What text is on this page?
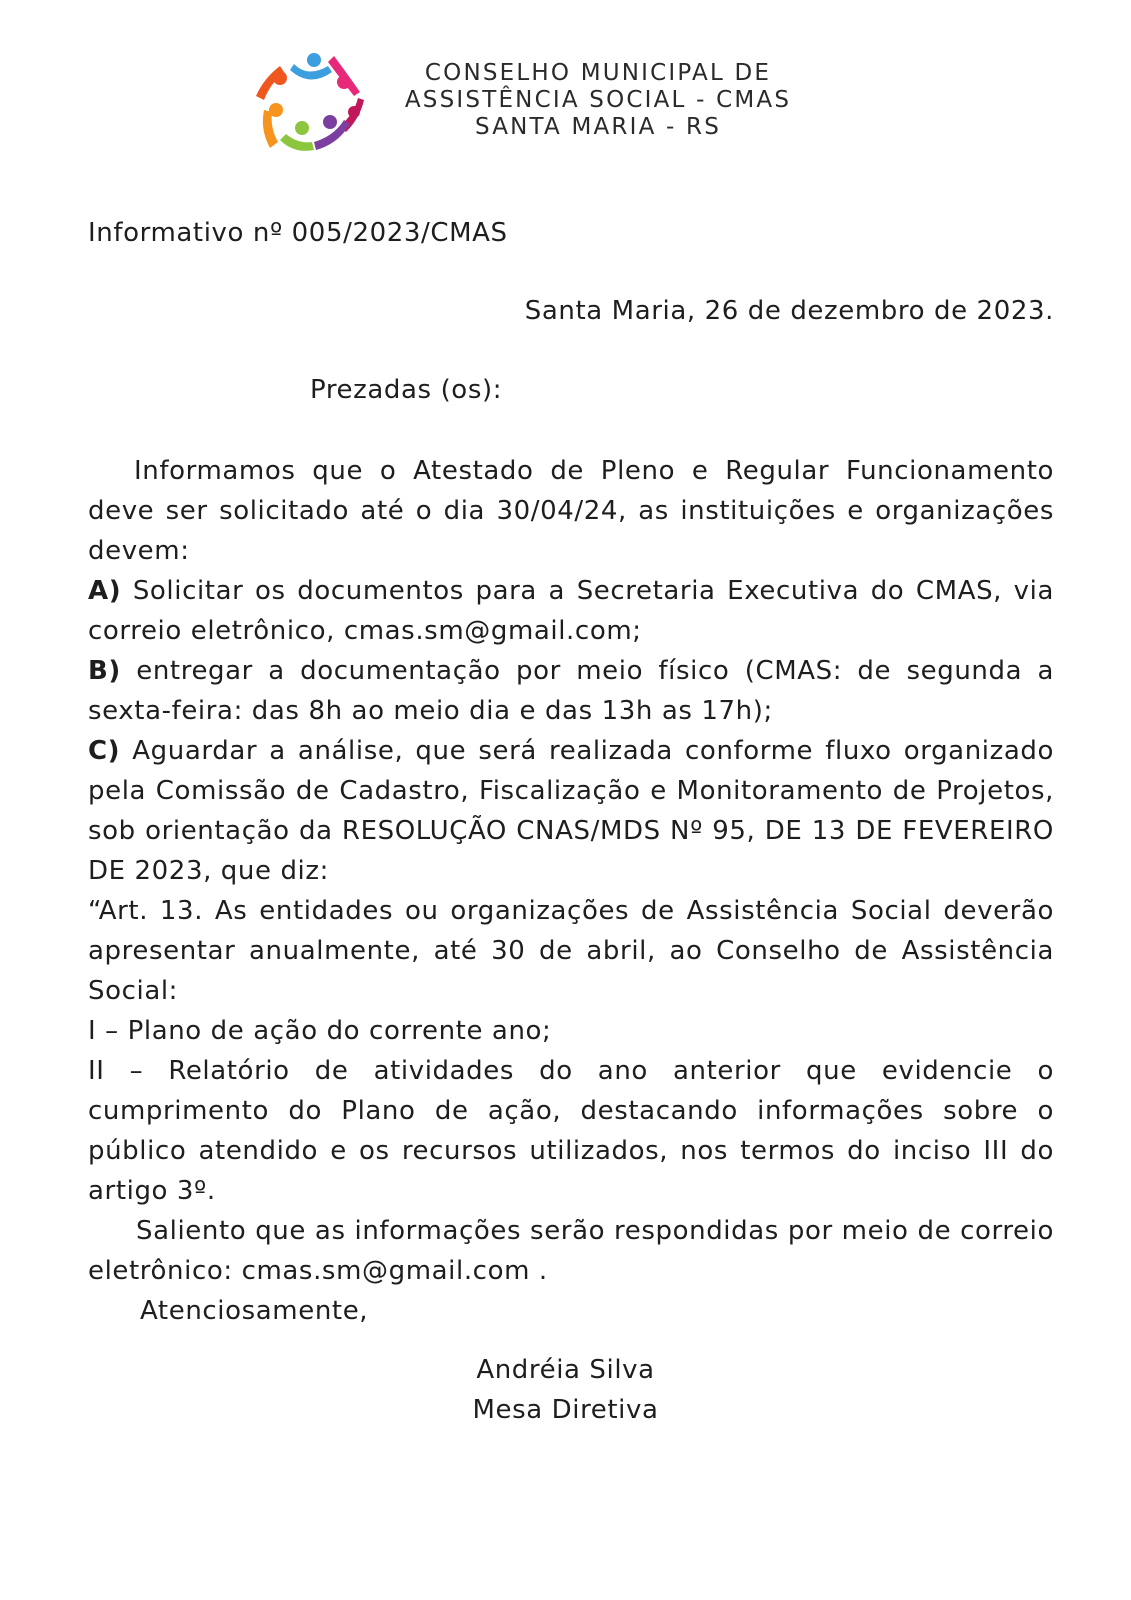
CONSELHO MUNICIPAL DE
ASSISTÊNCIA SOCIAL - CMAS
SANTA MARIA - RS
Informativo nº 005/2023/CMAS
Santa Maria, 26 de dezembro de 2023.
Prezadas (os):

Informamos que o Atestado de Pleno e Regular Funcionamento deve ser solicitado até o dia 30/04/24, as instituições e organizações devem:

A) Solicitar os documentos para a Secretaria Executiva do CMAS, via correio eletrônico, cmas.sm@gmail.com;

B) entregar a documentação por meio físico (CMAS: de segunda a sexta-feira: das 8h ao meio dia e das 13h as 17h);

C) Aguardar a análise, que será realizada conforme fluxo organizado pela Comissão de Cadastro, Fiscalização e Monitoramento de Projetos, sob orientação da RESOLUÇÃO CNAS/MDS Nº 95, DE 13 DE FEVEREIRO DE 2023, que diz:

“Art. 13. As entidades ou organizações de Assistência Social deverão apresentar anualmente, até 30 de abril, ao Conselho de Assistência Social:

I – Plano de ação do corrente ano;

II – Relatório de atividades do ano anterior que evidencie o cumprimento do Plano de ação, destacando informações sobre o público atendido e os recursos utilizados, nos termos do inciso III do artigo 3º.

Saliento que as informações serão respondidas por meio de correio eletrônico: cmas.sm@gmail.com .

Atenciosamente,

Andréia Silva
Mesa Diretiva
